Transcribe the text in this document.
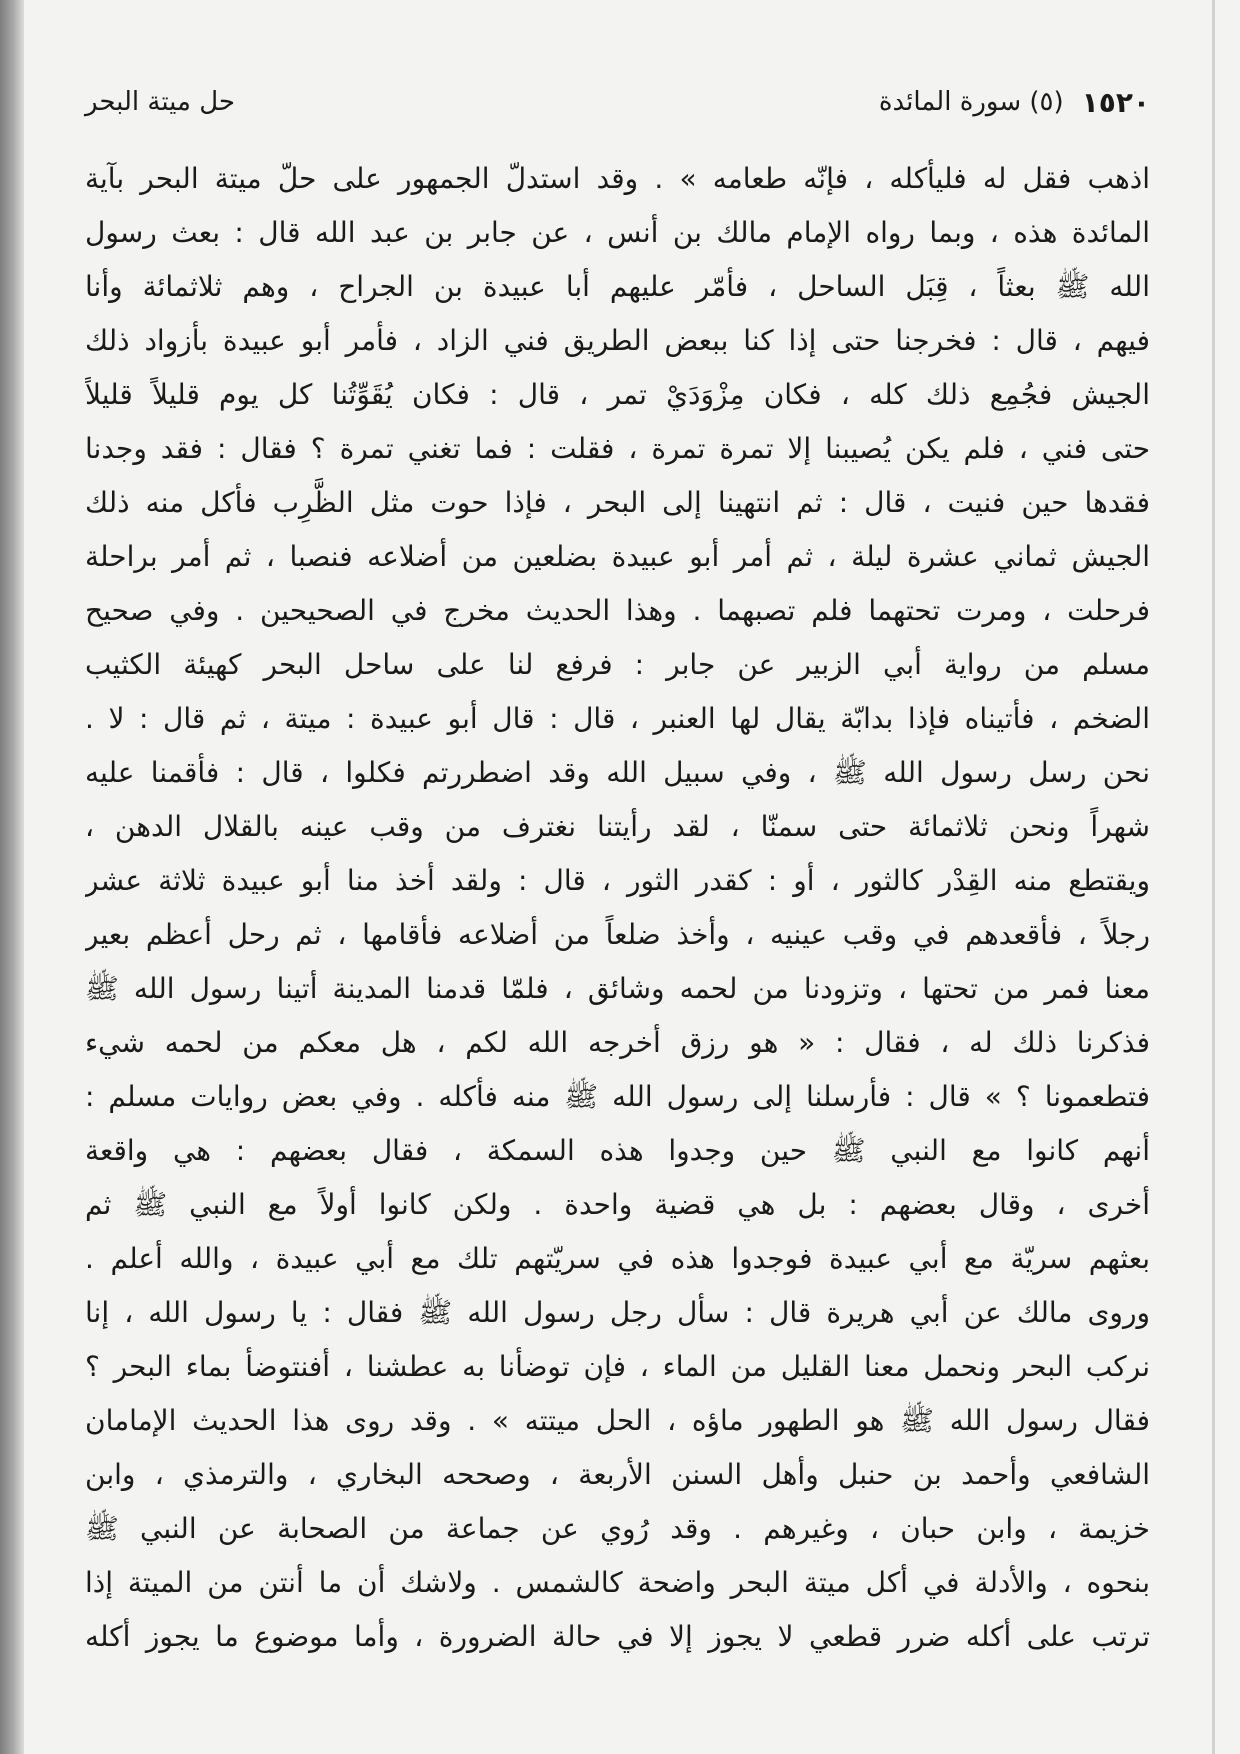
١٥٢٠
(٥) سورة المائدة
حل ميتة البحر
اذهب فقل له فليأكله ، فإنّه طعامه » . وقد استدلّ الجمهور على حلّ ميتة البحر بآية
المائدة هذه ، وبما رواه الإمام مالك بن أنس ، عن جابر بن عبد الله قال : بعث رسول
الله ﷺ بعثاً ، قِبَل الساحل ، فأمّر عليهم أبا عبيدة بن الجراح ، وهم ثلاثمائة وأنا
فيهم ، قال : فخرجنا حتى إذا كنا ببعض الطريق فني الزاد ، فأمر أبو عبيدة بأزواد ذلك
الجيش فجُمِع ذلك كله ، فكان مِزْوَدَيْ تمر ، قال : فكان يُقَوِّتُنا كل يوم قليلاً قليلاً
حتى فني ، فلم يكن يُصيبنا إلا تمرة تمرة ، فقلت : فما تغني تمرة ؟ فقال : فقد وجدنا
فقدها حين فنيت ، قال : ثم انتهينا إلى البحر ، فإذا حوت مثل الظَّرِب فأكل منه ذلك
الجيش ثماني عشرة ليلة ، ثم أمر أبو عبيدة بضلعين من أضلاعه فنصبا ، ثم أمر براحلة
فرحلت ، ومرت تحتهما فلم تصبهما . وهذا الحديث مخرج في الصحيحين . وفي صحيح
مسلم من رواية أبي الزبير عن جابر : فرفع لنا على ساحل البحر كهيئة الكثيب
الضخم ، فأتيناه فإذا بدابّة يقال لها العنبر ، قال : قال أبو عبيدة : ميتة ، ثم قال : لا .
نحن رسل رسول الله ﷺ ، وفي سبيل الله وقد اضطررتم فكلوا ، قال : فأقمنا عليه
شهراً ونحن ثلاثمائة حتى سمنّا ، لقد رأيتنا نغترف من وقب عينه بالقلال الدهن ،
ويقتطع منه القِدْر كالثور ، أو : كقدر الثور ، قال : ولقد أخذ منا أبو عبيدة ثلاثة عشر
رجلاً ، فأقعدهم في وقب عينيه ، وأخذ ضلعاً من أضلاعه فأقامها ، ثم رحل أعظم بعير
معنا فمر من تحتها ، وتزودنا من لحمه وشائق ، فلمّا قدمنا المدينة أتينا رسول الله ﷺ
فذكرنا ذلك له ، فقال : « هو رزق أخرجه الله لكم ، هل معكم من لحمه شيء
فتطعمونا ؟ » قال : فأرسلنا إلى رسول الله ﷺ منه فأكله . وفي بعض روايات مسلم :
أنهم كانوا مع النبي ﷺ حين وجدوا هذه السمكة ، فقال بعضهم : هي واقعة
أخرى ، وقال بعضهم : بل هي قضية واحدة . ولكن كانوا أولاً مع النبي ﷺ ثم
بعثهم سريّة مع أبي عبيدة فوجدوا هذه في سريّتهم تلك مع أبي عبيدة ، والله أعلم .
وروى مالك عن أبي هريرة قال : سأل رجل رسول الله ﷺ فقال : يا رسول الله ، إنا
نركب البحر ونحمل معنا القليل من الماء ، فإن توضأنا به عطشنا ، أفنتوضأ بماء البحر ؟
فقال رسول الله ﷺ هو الطهور ماؤه ، الحل ميتته » . وقد روى هذا الحديث الإمامان
الشافعي وأحمد بن حنبل وأهل السنن الأربعة ، وصححه البخاري ، والترمذي ، وابن
خزيمة ، وابن حبان ، وغيرهم . وقد رُوي عن جماعة من الصحابة عن النبي ﷺ
بنحوه ، والأدلة في أكل ميتة البحر واضحة كالشمس . ولاشك أن ما أنتن من الميتة إذا
ترتب على أكله ضرر قطعي لا يجوز إلا في حالة الضرورة ، وأما موضوع ما يجوز أكله
